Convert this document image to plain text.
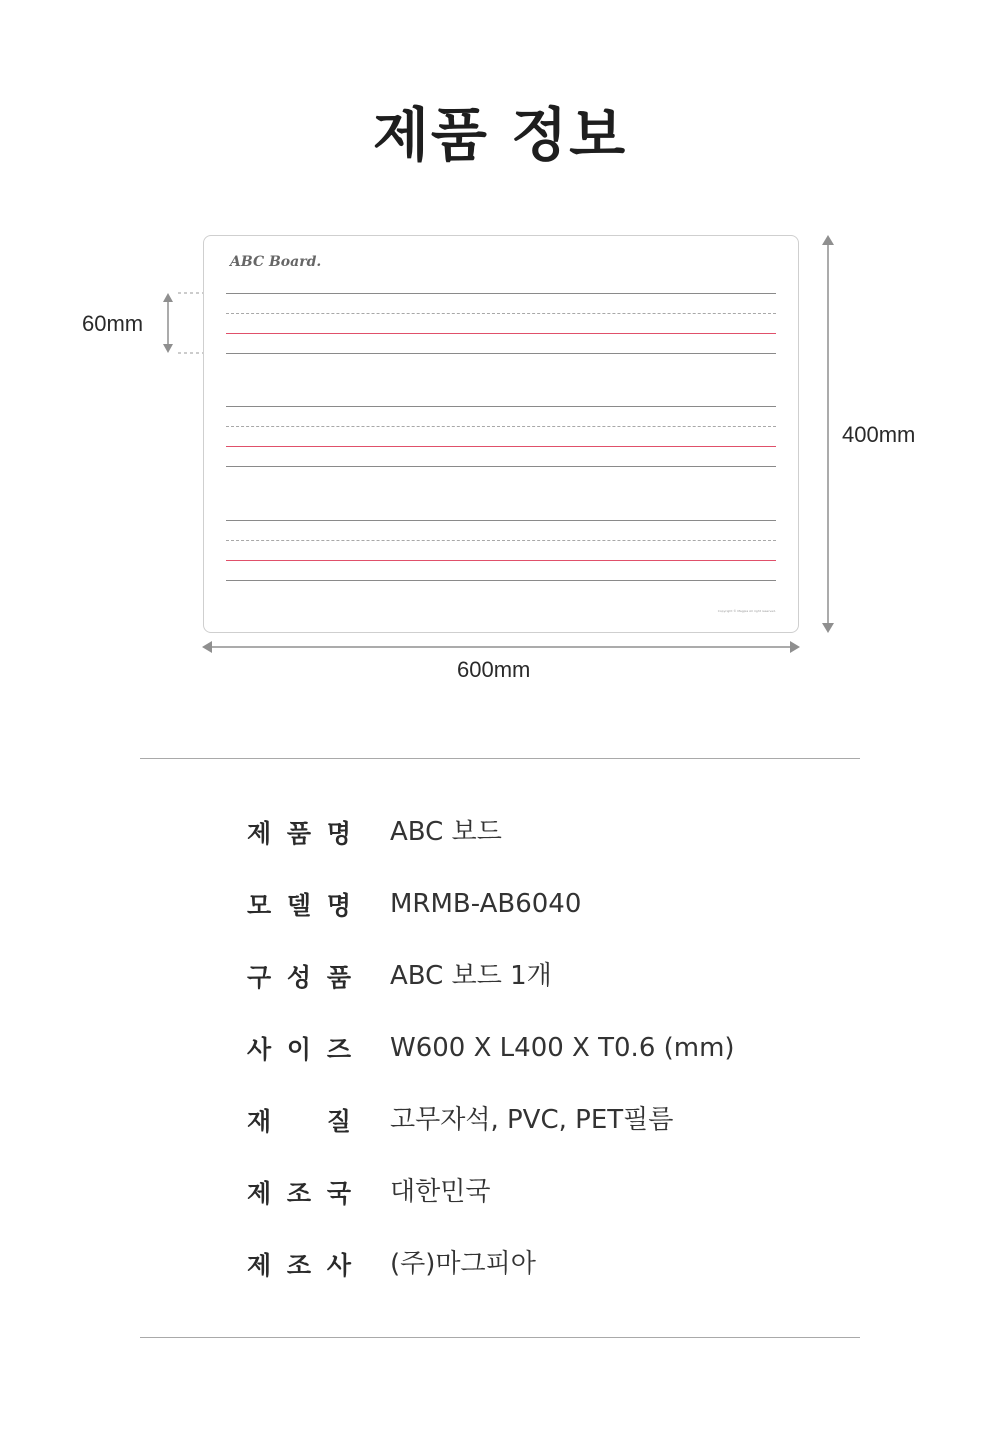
제품 정보
ABC Board.
Copyright © Magpia All right reserved.
60mm
400mm
600mm
제 품 명 ABC 보드
모 델 명 MRMB-AB6040
구 성 품 ABC 보드 1개
사 이 즈 W600 X L400 X T0.6 (mm)
재 질 고무자석, PVC, PET필름
제 조 국 대한민국
제 조 사 (주)마그피아
